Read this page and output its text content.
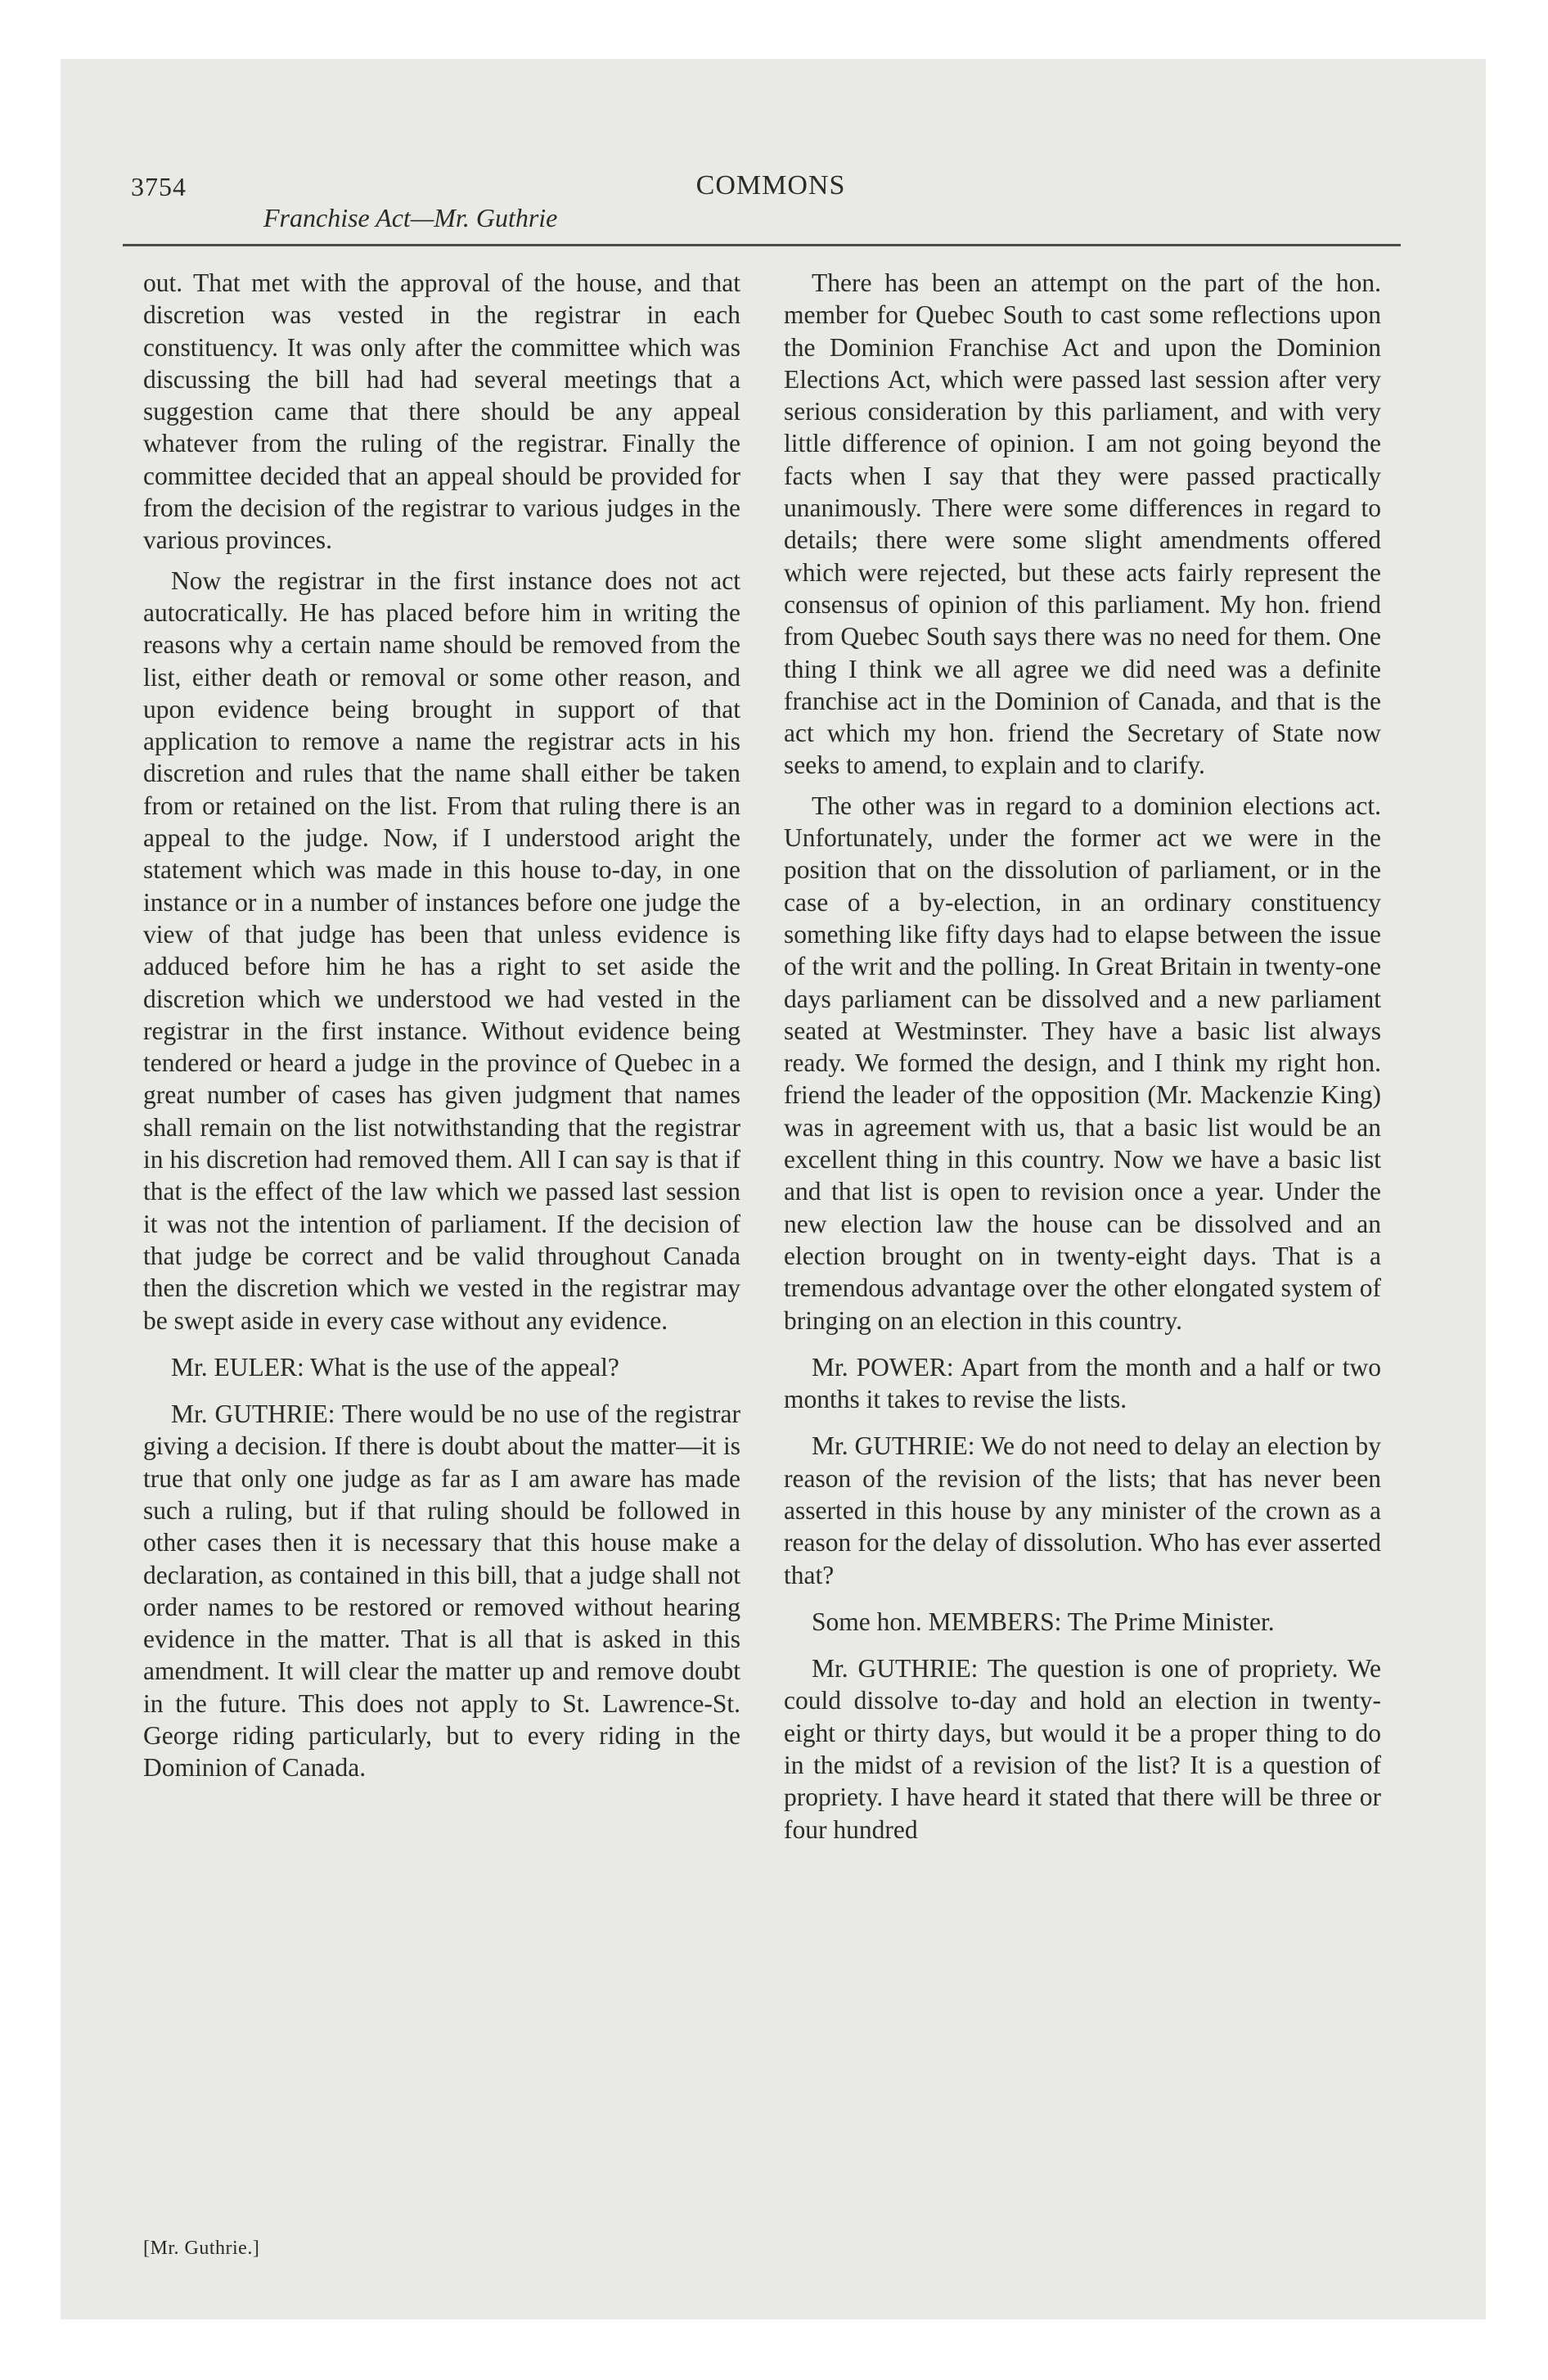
3754
Franchise Act—Mr. Guthrie
COMMONS

out. That met with the approval of the house, and that discretion was vested in the registrar in each constituency. It was only after the committee which was discussing the bill had had several meetings that a suggestion came that there should be any appeal whatever from the ruling of the registrar. Finally the committee decided that an appeal should be provided for from the decision of the registrar to various judges in the various provinces.

Now the registrar in the first instance does not act autocratically. He has placed before him in writing the reasons why a certain name should be removed from the list, either death or removal or some other reason, and upon evidence being brought in support of that application to remove a name the registrar acts in his discretion and rules that the name shall either be taken from or retained on the list. From that ruling there is an appeal to the judge. Now, if I understood aright the statement which was made in this house to-day, in one instance or in a number of instances before one judge the view of that judge has been that unless evidence is adduced before him he has a right to set aside the discretion which we understood we had vested in the registrar in the first instance. Without evidence being tendered or heard a judge in the province of Quebec in a great number of cases has given judgment that names shall remain on the list notwithstanding that the registrar in his discretion had removed them. All I can say is that if that is the effect of the law which we passed last session it was not the intention of parliament. If the decision of that judge be correct and be valid throughout Canada then the discretion which we vested in the registrar may be swept aside in every case without any evidence.

Mr. EULER: What is the use of the appeal?

Mr. GUTHRIE: There would be no use of the registrar giving a decision. If there is doubt about the matter—it is true that only one judge as far as I am aware has made such a ruling, but if that ruling should be followed in other cases then it is necessary that this house make a declaration, as contained in this bill, that a judge shall not order names to be restored or removed without hearing evidence in the matter. That is all that is asked in this amendment. It will clear the matter up and remove doubt in the future. This does not apply to St. Lawrence-St. George riding particularly, but to every riding in the Dominion of Canada.

There has been an attempt on the part of the hon. member for Quebec South to cast some reflections upon the Dominion Franchise Act and upon the Dominion Elections Act, which were passed last session after very serious consideration by this parliament, and with very little difference of opinion. I am not going beyond the facts when I say that they were passed practically unanimously. There were some differences in regard to details; there were some slight amendments offered which were rejected, but these acts fairly represent the consensus of opinion of this parliament. My hon. friend from Quebec South says there was no need for them. One thing I think we all agree we did need was a definite franchise act in the Dominion of Canada, and that is the act which my hon. friend the Secretary of State now seeks to amend, to explain and to clarify.

The other was in regard to a dominion elections act. Unfortunately, under the former act we were in the position that on the dissolution of parliament, or in the case of a by-election, in an ordinary constituency something like fifty days had to elapse between the issue of the writ and the polling. In Great Britain in twenty-one days parliament can be dissolved and a new parliament seated at Westminster. They have a basic list always ready. We formed the design, and I think my right hon. friend the leader of the opposition (Mr. Mackenzie King) was in agreement with us, that a basic list would be an excellent thing in this country. Now we have a basic list and that list is open to revision once a year. Under the new election law the house can be dissolved and an election brought on in twenty-eight days. That is a tremendous advantage over the other elongated system of bringing on an election in this country.

Mr. POWER: Apart from the month and a half or two months it takes to revise the lists.

Mr. GUTHRIE: We do not need to delay an election by reason of the revision of the lists; that has never been asserted in this house by any minister of the crown as a reason for the delay of dissolution. Who has ever asserted that?

Some hon. MEMBERS: The Prime Minister.

Mr. GUTHRIE: The question is one of propriety. We could dissolve to-day and hold an election in twenty-eight or thirty days, but would it be a proper thing to do in the midst of a revision of the list? It is a question of propriety. I have heard it stated that there will be three or four hundred

[Mr. Guthrie.]
